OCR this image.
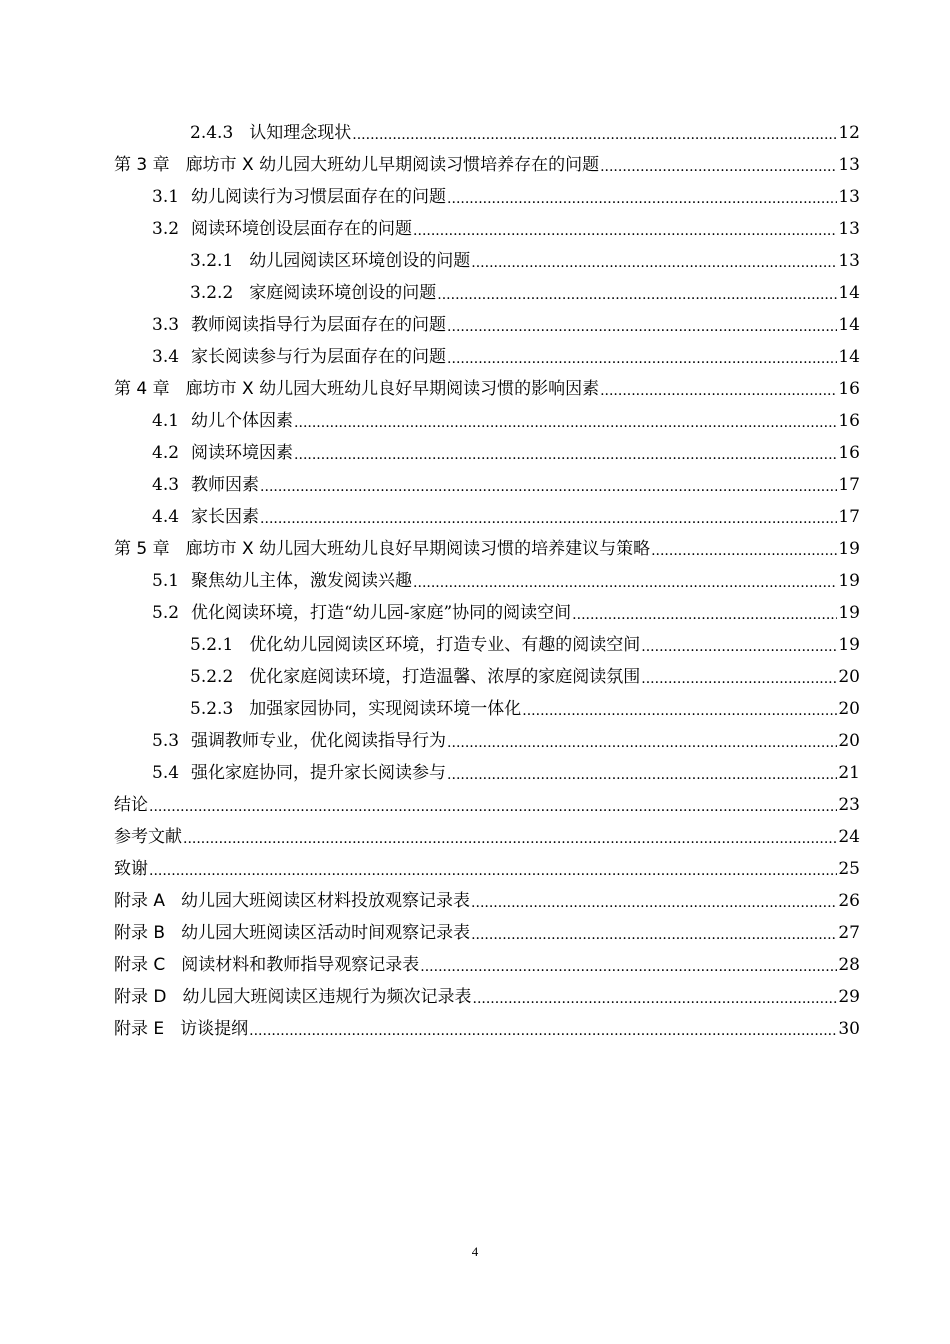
2.4.3 认知理念现状 .....	12
第 3 章 廊坊市 X 幼儿园大班幼儿早期阅读习惯培养存在的问题 .....	13
3.1 幼儿阅读行为习惯层面存在的问题 .....	13
3.2 阅读环境创设层面存在的问题 .....	13
3.2.1 幼儿园阅读区环境创设的问题 .....	13
3.2.2 家庭阅读环境创设的问题 .....	14
3.3 教师阅读指导行为层面存在的问题 .....	14
3.4 家长阅读参与行为层面存在的问题 .....	14
第 4 章 廊坊市 X 幼儿园大班幼儿良好早期阅读习惯的影响因素 .....	16
4.1 幼儿个体因素 .....	16
4.2 阅读环境因素 .....	16
4.3 教师因素 .....	17
4.4 家长因素 .....	17
第 5 章 廊坊市 X 幼儿园大班幼儿良好早期阅读习惯的培养建议与策略 .....	19
5.1 聚焦幼儿主体，激发阅读兴趣 .....	19
5.2 优化阅读环境，打造“幼儿园-家庭”协同的阅读空间 .....	19
5.2.1 优化幼儿园阅读区环境，打造专业、有趣的阅读空间 .....	19
5.2.2 优化家庭阅读环境，打造温馨、浓厚的家庭阅读氛围 .....	20
5.2.3 加强家园协同，实现阅读环境一体化 .....	20
5.3 强调教师专业，优化阅读指导行为 .....	20
5.4 强化家庭协同，提升家长阅读参与 .....	21
结论 .....	23
参考文献 .....	24
致谢 .....	25
附录 A 幼儿园大班阅读区材料投放观察记录表 .....	26
附录 B 幼儿园大班阅读区活动时间观察记录表 .....	27
附录 C 阅读材料和教师指导观察记录表 .....	28
附录 D 幼儿园大班阅读区违规行为频次记录表 .....	29
附录 E 访谈提纲 .....	30
4
